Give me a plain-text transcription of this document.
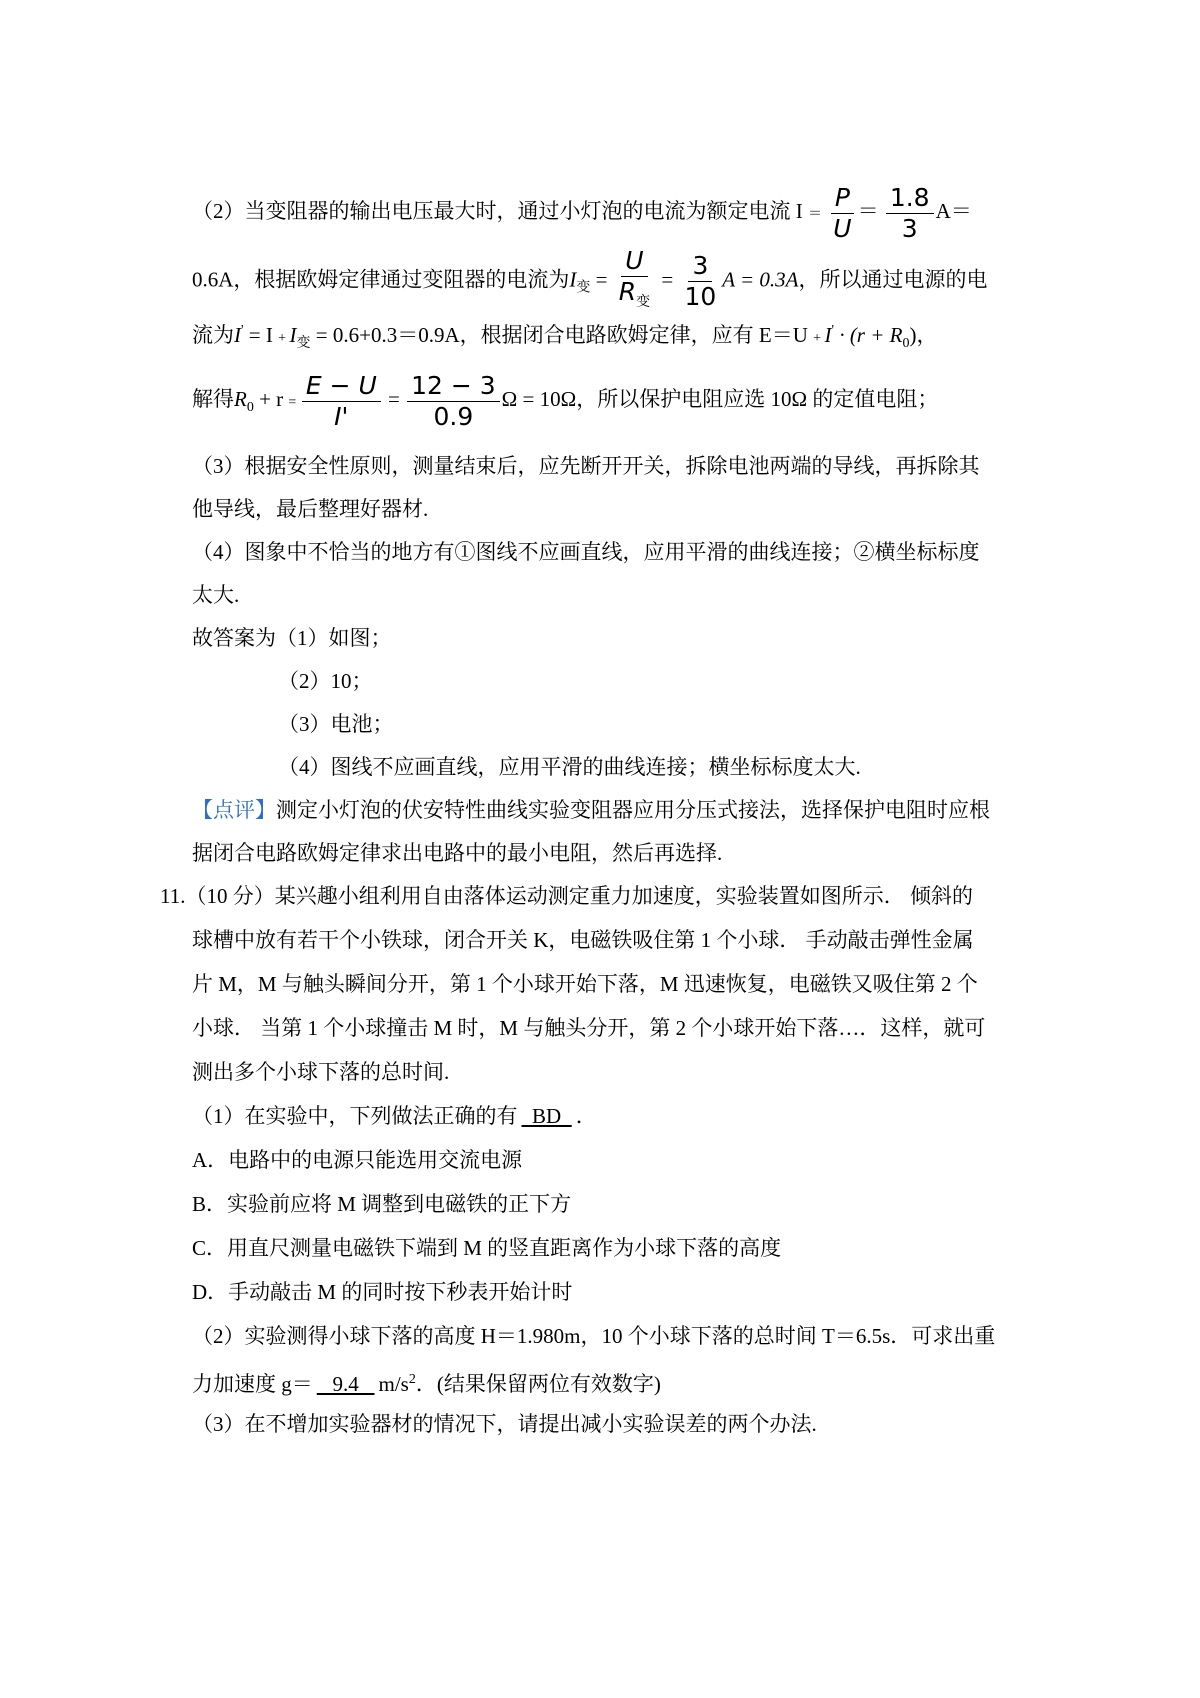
（2）当变阻器的输出电压最大时，通过小灯泡的电流为额定电流 $I = \frac{P}{U} = \frac{1.8}{3} A=$
0.6A，根据欧姆定律通过变阻器的电流为$I_变 = \frac{U}{R_变} = \frac{3}{10}$ A = 0.3A，所以通过电源的电
流为$I' = I + I_变 = 0.6+0.3=0.9A$，根据闭合电路欧姆定律，应有 $E=U + I' \cdot (r + R_0)$，
解得$R_0 + r = \frac{E - U}{I'} = \frac{12 - 3}{0.9}$ Ω = 10Ω，所以保护电阻应选 10Ω 的定值电阻；
（3）根据安全性原则，测量结束后，应先断开开关，拆除电池两端的导线，再拆除其
他导线，最后整理好器材.
（4）图象中不恰当的地方有①图线不应画直线，应用平滑的曲线连接；②横坐标标度
太大.
故答案为（1）如图；
（2）10；
（3）电池；
（4）图线不应画直线，应用平滑的曲线连接；横坐标标度太大.
【点评】测定小灯泡的伏安特性曲线实验变阻器应用分压式接法，选择保护电阻时应根
据闭合电路欧姆定律求出电路中的最小电阻，然后再选择.
11.（10 分）某兴趣小组利用自由落体运动测定重力加速度，实验装置如图所示． 倾斜的
球槽中放有若干个小铁球，闭合开关 K，电磁铁吸住第 1 个小球． 手动敲击弹性金属
片 M，M 与触头瞬间分开，第 1 个小球开始下落，M 迅速恢复，电磁铁又吸住第 2 个
小球． 当第 1 个小球撞击 M 时，M 与触头分开，第 2 个小球开始下落…．这样，就可
测出多个小球下落的总时间.
（1）在实验中，下列做法正确的有  BD  ．
A．电路中的电源只能选用交流电源
B．实验前应将 M 调整到电磁铁的正下方
C．用直尺测量电磁铁下端到 M 的竖直距离作为小球下落的高度
D．手动敲击 M 的同时按下秒表开始计时
（2）实验测得小球下落的高度 H＝1.980m，10 个小球下落的总时间 T＝6.5s．可求出重
力加速度 g＝   9.4   $m/s^2$．(结果保留两位有效数字)
（3）在不增加实验器材的情况下，请提出减小实验误差的两个办法.
